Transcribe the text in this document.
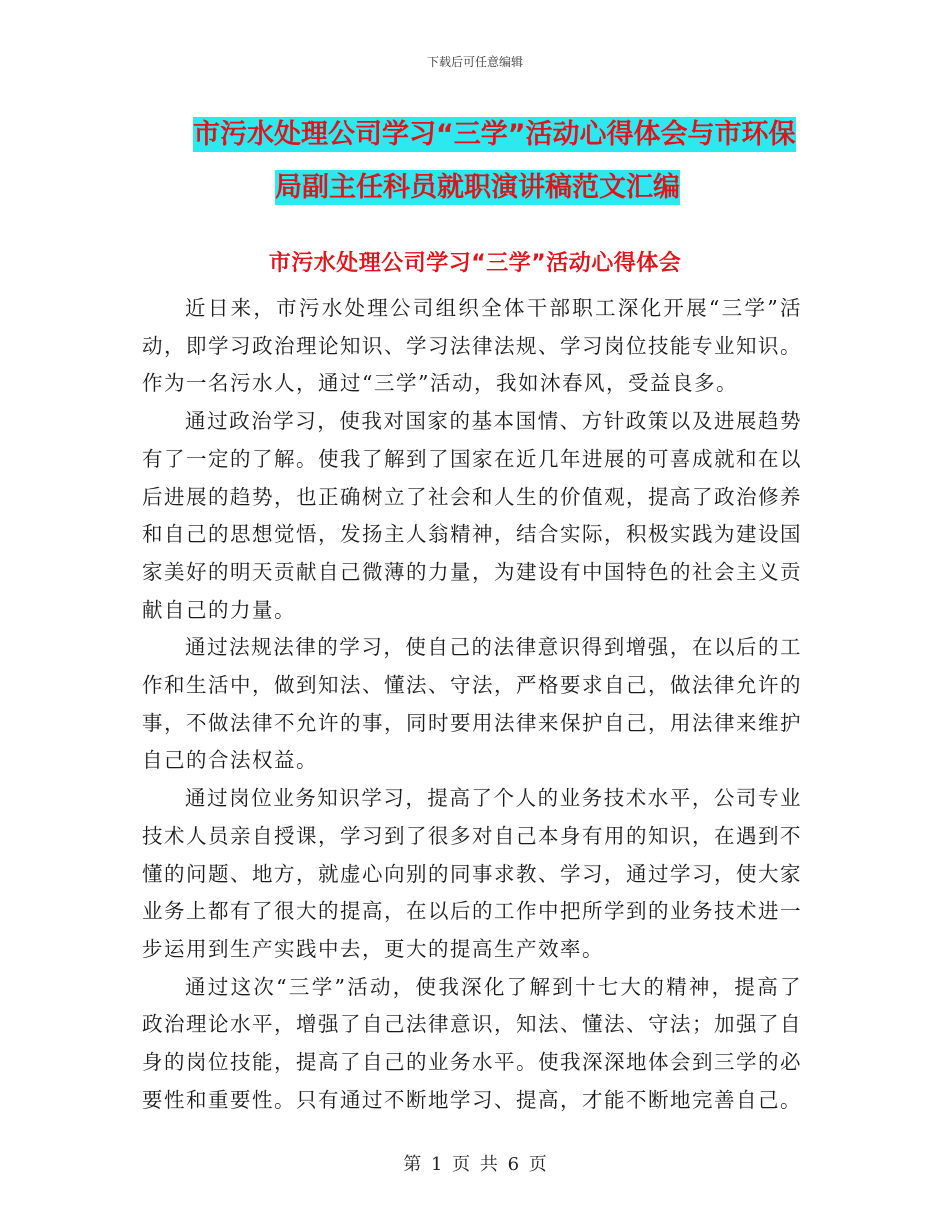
下载后可任意编辑
市污水处理公司学习“三学”活动心得体会与市环保
局副主任科员就职演讲稿范文汇编
市污水处理公司学习“三学”活动心得体会

近日来，市污水处理公司组织全体干部职工深化开展“三学”活动，即学习政治理论知识、学习法律法规、学习岗位技能专业知识。作为一名污水人，通过“三学”活动，我如沐春风，受益良多。

通过政治学习，使我对国家的基本国情、方针政策以及进展趋势有了一定的了解。使我了解到了国家在近几年进展的可喜成就和在以后进展的趋势，也正确树立了社会和人生的价值观，提高了政治修养和自己的思想觉悟，发扬主人翁精神，结合实际，积极实践为建设国家美好的明天贡献自己微薄的力量，为建设有中国特色的社会主义贡献自己的力量。

通过法规法律的学习，使自己的法律意识得到增强，在以后的工作和生活中，做到知法、懂法、守法，严格要求自己，做法律允许的事，不做法律不允许的事，同时要用法律来保护自己，用法律来维护自己的合法权益。

通过岗位业务知识学习，提高了个人的业务技术水平，公司专业技术人员亲自授课，学习到了很多对自己本身有用的知识，在遇到不懂的问题、地方，就虚心向别的同事求教、学习，通过学习，使大家业务上都有了很大的提高，在以后的工作中把所学到的业务技术进一步运用到生产实践中去，更大的提高生产效率。

通过这次“三学”活动，使我深化了解到十七大的精神，提高了政治理论水平，增强了自己法律意识，知法、懂法、守法；加强了自身的岗位技能，提高了自己的业务水平。使我深深地体会到三学的必要性和重要性。只有通过不断地学习、提高，才能不断地完善自己。

第 1 页 共 6 页
